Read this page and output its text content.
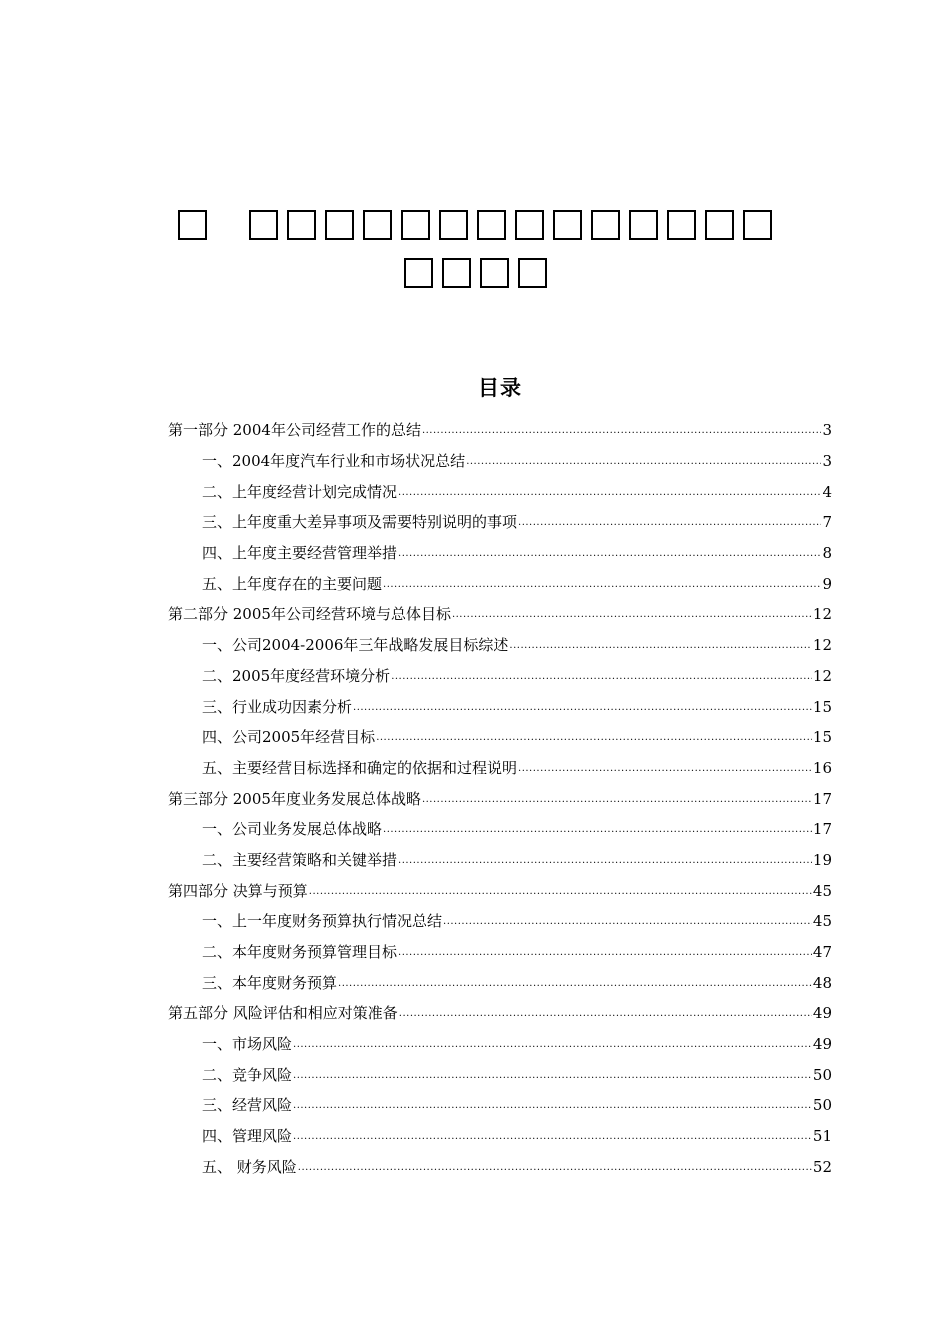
目录
第一部分 2004年公司经营工作的总结 .....	3
一、2004年度汽车行业和市场状况总结 .....	3
二、上年度经营计划完成情况 .....	4
三、上年度重大差异事项及需要特别说明的事项 .....	7
四、上年度主要经营管理举措 .....	8
五、上年度存在的主要问题 .....	9
第二部分 2005年公司经营环境与总体目标 .....	12
一、公司2004-2006年三年战略发展目标综述 .....	12
二、2005年度经营环境分析 .....	12
三、行业成功因素分析 .....	15
四、公司2005年经营目标 .....	15
五、主要经营目标选择和确定的依据和过程说明 .....	16
第三部分 2005年度业务发展总体战略 .....	17
一、公司业务发展总体战略 .....	17
二、主要经营策略和关键举措 .....	19
第四部分 决算与预算 .....	45
一、上一年度财务预算执行情况总结 .....	45
二、本年度财务预算管理目标 .....	47
三、本年度财务预算 .....	48
第五部分 风险评估和相应对策准备 .....	49
一、市场风险 .....	49
二、竞争风险 .....	50
三、经营风险 .....	50
四、管理风险 .....	51
五、 财务风险 .....	52
